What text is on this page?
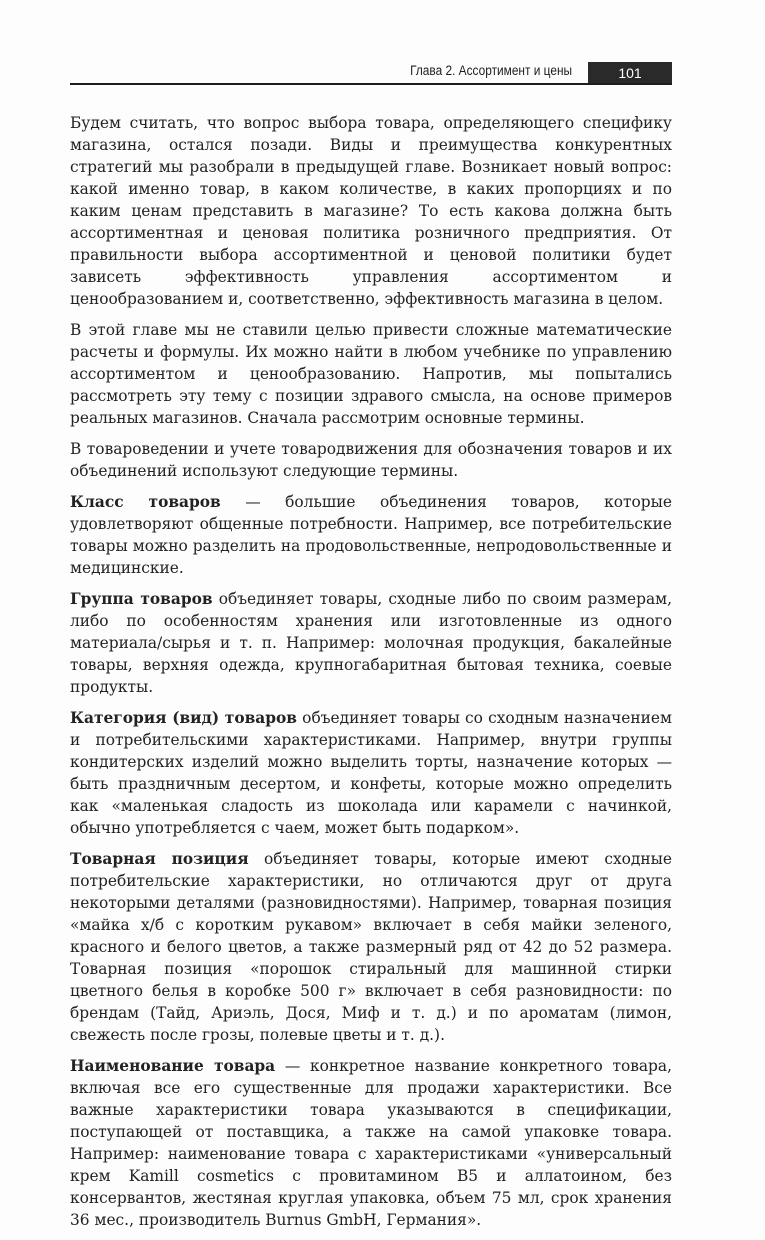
Глава 2. Ассортимент и цены	101

Будем считать, что вопрос выбора товара, определяющего специфику магазина, остался позади. Виды и преимущества конкурентных стратегий мы разобрали в предыдущей главе. Возникает новый вопрос: какой именно товар, в каком количестве, в каких пропорциях и по каким ценам представить в магазине? То есть какова должна быть ассортиментная и ценовая политика розничного предприятия. От правильности выбора ассортиментной и ценовой политики будет зависеть эффективность управления ассортиментом и ценообразованием и, соответственно, эффективность магазина в целом.

В этой главе мы не ставили целью привести сложные математические расчеты и формулы. Их можно найти в любом учебнике по управлению ассортиментом и ценообразованию. Напротив, мы попытались рассмотреть эту тему с позиции здравого смысла, на основе примеров реальных магазинов. Сначала рассмотрим основные термины.

В товароведении и учете товародвижения для обозначения товаров и их объединений используют следующие термины.

Класс товаров — большие объединения товаров, которые удовлетворяют общенные потребности. Например, все потребительские товары можно разделить на продовольственные, непродовольственные и медицинские.

Группа товаров объединяет товары, сходные либо по своим размерам, либо по особенностям хранения или изготовленные из одного материала/сырья и т. п. Например: молочная продукция, бакалейные товары, верхняя одежда, крупногабаритная бытовая техника, соевые продукты.

Категория (вид) товаров объединяет товары со сходным назначением и потребительскими характеристиками. Например, внутри группы кондитерских изделий можно выделить торты, назначение которых — быть праздничным десертом, и конфеты, которые можно определить как «маленькая сладость из шоколада или карамели с начинкой, обычно употребляется с чаем, может быть подарком».

Товарная позиция объединяет товары, которые имеют сходные потребительские характеристики, но отличаются друг от друга некоторыми деталями (разновидностями). Например, товарная позиция «майка х/б с коротким рукавом» включает в себя майки зеленого, красного и белого цветов, а также размерный ряд от 42 до 52 размера. Товарная позиция «порошок стиральный для машинной стирки цветного белья в коробке 500 г» включает в себя разновидности: по брендам (Тайд, Ариэль, Дося, Миф и т. д.) и по ароматам (лимон, свежесть после грозы, полевые цветы и т. д.).

Наименование товара — конкретное название конкретного товара, включая все его существенные для продажи характеристики. Все важные характеристики товара указываются в спецификации, поступающей от поставщика, а также на самой упаковке товара. Например: наименование товара с характеристиками «универсальный крем Kamill cosmetics с провитамином B5 и аллатоином, без консервантов, жестяная круглая упаковка, объем 75 мл, срок хранения 36 мес., производитель Burnus GmbH, Германия».
